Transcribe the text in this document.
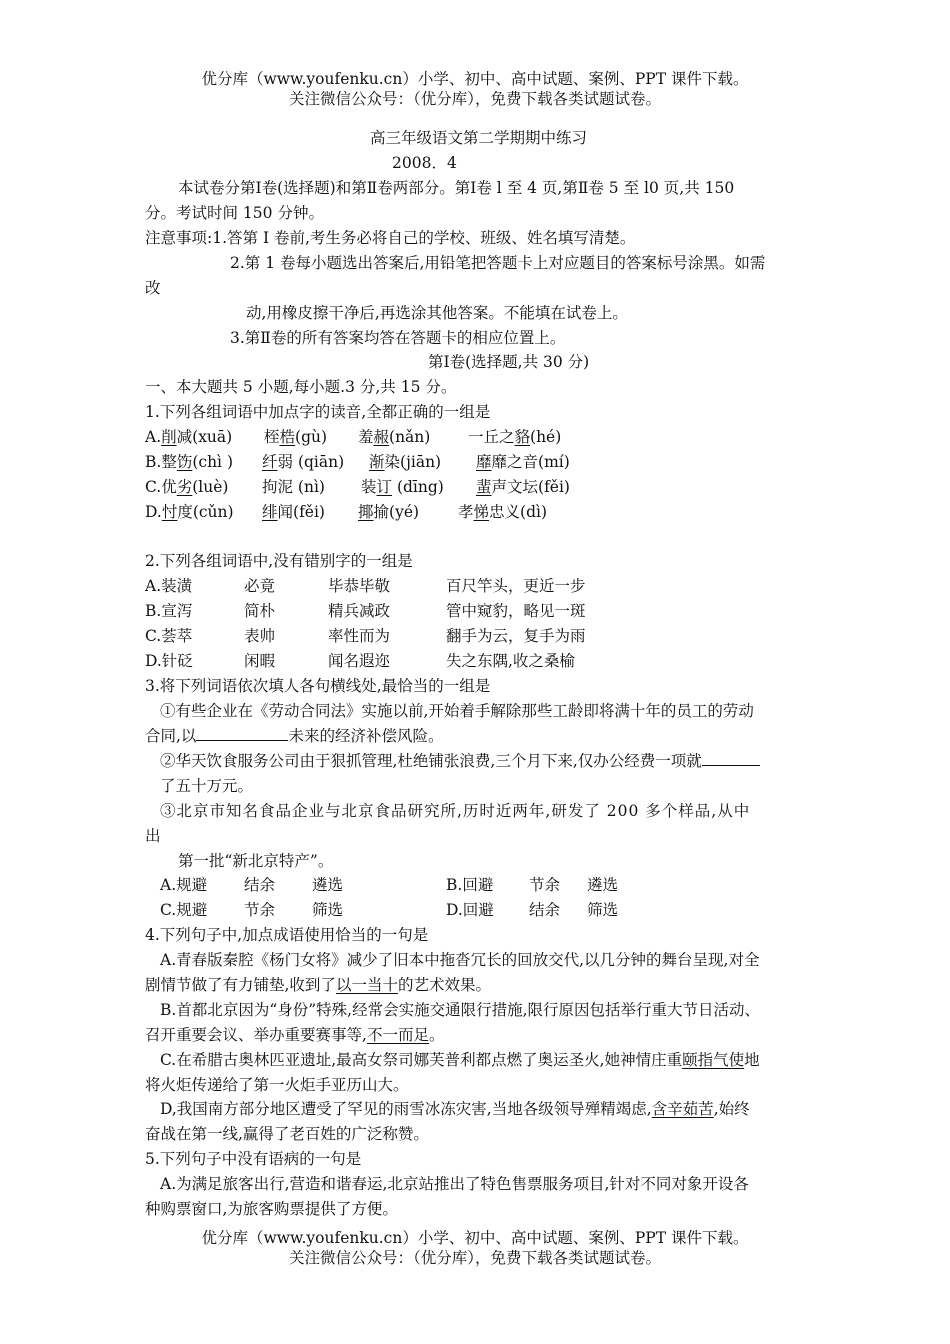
优分库（www.youfenku.cn）小学、初中、高中试题、案例、PPT 课件下载。
关注微信公众号：（优分库），免费下载各类试题试卷。
高三年级语文第二学期期中练习
2008．4
本试卷分第Ⅰ卷(选择题)和第Ⅱ卷两部分。第Ⅰ卷 l 至 4 页,第Ⅱ卷 5 至 l0 页,共 150
分。考试时间 150 分钟。
注意事项:1.答第 I 卷前,考生务必将自己的学校、班级、姓名填写清楚。
2.第 1 卷每小题选出答案后,用铅笔把答题卡上对应题目的答案标号涂黑。如需
改
动,用橡皮擦干净后,再选涂其他答案。不能填在试卷上。
3.第Ⅱ卷的所有答案均答在答题卡的相应位置上。
第Ⅰ卷(选择题,共 30 分)
一、本大题共 5 小题,每小题.3 分,共 15 分。
1.下列各组词语中加点字的读音,全都正确的一组是
A.削减(xuā) 桎梏(gù) 羞赧(nǎn) 一丘之貉(hé)
B.整饬(chì ) 纤弱 (qiān) 渐染(jiān) 靡靡之音(mí)
C.优劣(luè) 拘泥 (nì) 装订 (dīng) 蜚声文坛(fěi)
D.忖度(cǔn) 绯闻(fěi) 揶揄(yé)	孝悌忠义(dì)
2.下列各组词语中,没有错别字的一组是
A.装潢	必竟	毕恭毕敬	百尺竿头，更近一步
B.宣泻	简朴	精兵减政	管中窥豹，略见一斑
C.荟萃	表帅	率性而为	翻手为云，复手为雨
D.针砭	闲暇	闻名遐迩	失之东隅,收之桑榆
3.将下列词语依次填人各句横线处,最恰当的一组是
①有些企业在《劳动合同法》实施以前,开始着手解除那些工龄即将满十年的员工的劳动
合同,以	未来的经济补偿风险。
②华天饮食服务公司由于狠抓管理,杜绝铺张浪费,三个月下来,仅办公经费一项就
了五十万元。
③北京市知名食品企业与北京食品研究所,历时近两年,研发了 200 多个样品,从中
出
第一批“新北京特产”。
A.规避 结余 遴选	B.回避 节余 遴选
C.规避 节余 筛选	D.回避 结余 筛选
4.下列句子中,加点成语使用恰当的一句是
A.青春版秦腔《杨门女将》减少了旧本中拖沓冗长的回放交代,以几分钟的舞台呈现,对全
剧情节做了有力铺垫,收到了以一当十的艺术效果。
B.首都北京因为“身份”特殊,经常会实施交通限行措施,限行原因包括举行重大节日活动、
召开重要会议、举办重要赛事等,不一而足。
C.在希腊古奥林匹亚遗址,最高女祭司娜芙普利都点燃了奥运圣火,她神情庄重颐指气使地
将火炬传递给了第一火炬手亚历山大。
D,我国南方部分地区遭受了罕见的雨雪冰冻灾害,当地各级领导殚精竭虑,含辛茹苦,始终
奋战在第一线,赢得了老百姓的广泛称赞。
5.下列句子中没有语病的一句是
A.为满足旅客出行,营造和谐春运,北京站推出了特色售票服务项目,针对不同对象开设各
种购票窗口,为旅客购票提供了方便。
优分库（www.youfenku.cn）小学、初中、高中试题、案例、PPT 课件下载。
关注微信公众号：（优分库），免费下载各类试题试卷。
